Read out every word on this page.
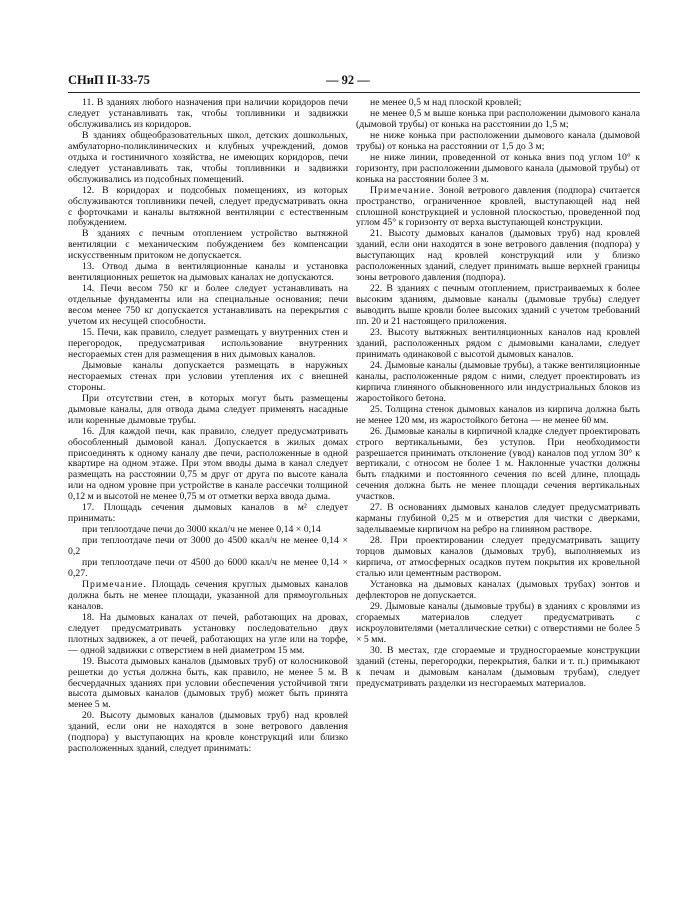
СНиП II-33-75	— 92 —

11. В зданиях любого назначения при наличии коридоров печи следует устанавливать так, чтобы топливники и задвижки обслуживались из коридоров.

В зданиях общеобразовательных школ, детских дошкольных, амбулаторно-поликлинических и клубных учреждений, домов отдыха и гостиничного хозяйства, не имеющих коридоров, печи следует устанавливать так, чтобы топливники и задвижки обслуживались из подсобных помещений.

12. В коридорах и подсобных помещениях, из которых обслуживаются топливники печей, следует предусматривать окна с форточками и каналы вытяжной вентиляции с естественным побуждением.

В зданиях с печным отоплением устройство вытяжной вентиляции с механическим побуждением без компенсации искусственным притоком не допускается.

13. Отвод дыма в вентиляционные каналы и установка вентиляционных решеток на дымовых каналах не допускаются.

14. Печи весом 750 кг и более следует устанавливать на отдельные фундаменты или на специальные основания; печи весом менее 750 кг допускается устанавливать на перекрытия с учетом их несущей способности.

15. Печи, как правило, следует размещать у внутренних стен и перегородок, предусматривая использование внутренних несгораемых стен для размещения в них дымовых каналов.

Дымовые каналы допускается размещать в наружных несгораемых стенах при условии утепления их с внешней стороны.

При отсутствии стен, в которых могут быть размещены дымовые каналы, для отвода дыма следует применять насадные или коренные дымовые трубы.

16. Для каждой печи, как правило, следует предусматривать обособленный дымовой канал. Допускается в жилых домах присоединять к одному каналу две печи, расположенные в одной квартире на одном этаже. При этом вводы дыма в канал следует размещать на расстоянии 0,75 м друг от друга по высоте канала или на одном уровне при устройстве в канале рассечки толщиной 0,12 м и высотой не менее 0,75 м от отметки верха ввода дыма.

17. Площадь сечения дымовых каналов в м² следует принимать:

при теплоотдаче печи до 3000 ккал/ч не менее 0,14 × 0,14

при теплоотдаче печи от 3000 до 4500 ккал/ч не менее 0,14 × 0,2

при теплоотдаче печи от 4500 до 6000 ккал/ч не менее 0,14 × 0,27.

Примечание. Площадь сечения круглых дымовых каналов должна быть не менее площади, указанной для прямоугольных каналов.

18. На дымовых каналах от печей, работающих на дровах, следует предусматривать установку последовательно двух плотных задвижек, а от печей, работающих на угле или на торфе, — одной задвижки с отверстием в ней диаметром 15 мм.

19. Высота дымовых каналов (дымовых труб) от колосниковой решетки до устья должна быть, как правило, не менее 5 м. В бесчердачных зданиях при условии обеспечения устойчивой тяги высота дымовых каналов (дымовых труб) может быть принята менее 5 м.

20. Высоту дымовых каналов (дымовых труб) над кровлей зданий, если они не находятся в зоне ветрового давления (подпора) у выступающих на кровле конструкций или близко расположенных зданий, следует принимать:

не менее 0,5 м над плоской кровлей;

не менее 0,5 м выше конька при расположении дымового канала (дымовой трубы) от конька на расстоянии до 1,5 м;

не ниже конька при расположении дымового канала (дымовой трубы) от конька на расстоянии от 1,5 до 3 м;

не ниже линии, проведенной от конька вниз под углом 10° к горизонту, при расположении дымового канала (дымовой трубы) от конька на расстоянии более 3 м.

Примечание. Зоной ветрового давления (подпора) считается пространство, ограниченное кровлей, выступающей над ней сплошной конструкцией и условной плоскостью, проведенной под углом 45° к горизонту от верха выступающей конструкции.

21. Высоту дымовых каналов (дымовых труб) над кровлей зданий, если они находятся в зоне ветрового давления (подпора) у выступающих над кровлей конструкций или у близко расположенных зданий, следует принимать выше верхней границы зоны ветрового давления (подпора).

22. В зданиях с печным отоплением, пристраиваемых к более высоким зданиям, дымовые каналы (дымовые трубы) следует выводить выше кровли более высоких зданий с учетом требований пп. 20 и 21 настоящего приложения.

23. Высоту вытяжных вентиляционных каналов над кровлей зданий, расположенных рядом с дымовыми каналами, следует принимать одинаковой с высотой дымовых каналов.

24. Дымовые каналы (дымовые трубы), а также вентиляционные каналы, расположенные рядом с ними, следует проектировать из кирпича глиняного обыкновенного или индустриальных блоков из жаростойкого бетона.

25. Толщина стенок дымовых каналов из кирпича должна быть не менее 120 мм, из жаростойкого бетона — не менее 60 мм.

26. Дымовые каналы в кирпичной кладке следует проектировать строго вертикальными, без уступов. При необходимости разрешается принимать отклонение (увод) каналов под углом 30° к вертикали, с относом не более 1 м. Наклонные участки должны быть гладкими и постоянного сечения по всей длине, площадь сечения должна быть не менее площади сечения вертикальных участков.

27. В основаниях дымовых каналов следует предусматривать карманы глубиной 0,25 м и отверстия для чистки с дверками, заделываемые кирпичом на ребро на глиняном растворе.

28. При проектировании следует предусматривать защиту торцов дымовых каналов (дымовых труб), выполняемых из кирпича, от атмосферных осадков путем покрытия их кровельной сталью или цементным раствором.

Установка на дымовых каналах (дымовых трубах) зонтов и дефлекторов не допускается.

29. Дымовые каналы (дымовые трубы) в зданиях с кровлями из сгораемых материалов следует предусматривать с искроуловителями (металлические сетки) с отверстиями не более 5 × 5 мм.

30. В местах, где сгораемые и трудносгораемые конструкции зданий (стены, перегородки, перекрытия, балки и т. п.) примыкают к печам и дымовым каналам (дымовым трубам), следует предусматривать разделки из несгораемых материалов.
